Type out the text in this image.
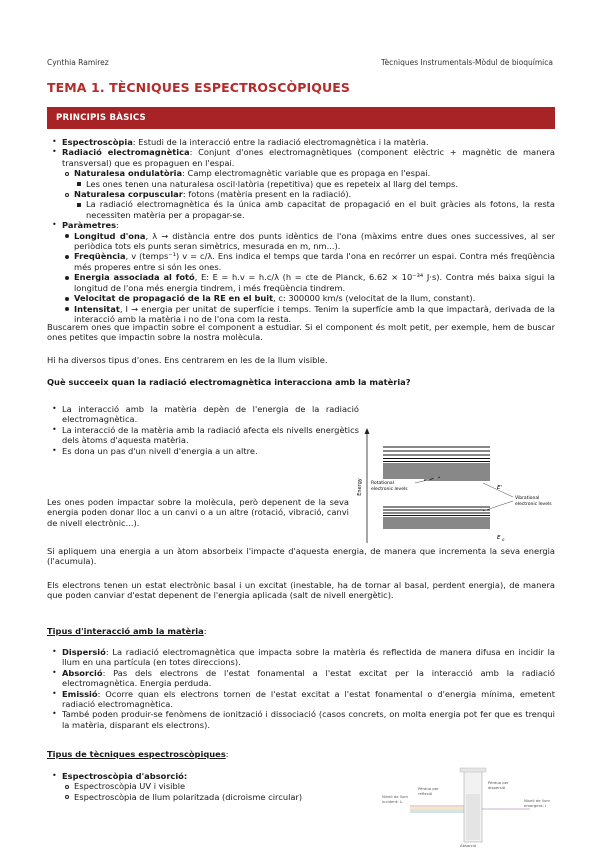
Cynthia Ramirez	Tècniques Instrumentals-Mòdul de bioquímica
TEMA 1. TÈCNIQUES ESPECTROSCÒPIQUES
PRINCIPIS BÀSICS
• Espectroscòpia: Estudi de la interacció entre la radiació electromagnètica i la matèria.
• Radiació electromagnètica: Conjunt d'ones electromagnètiques (component elèctric + magnètic de manera transversal) que es propaguen en l'espai.
Naturalesa ondulatòria: Camp electromagnètic variable que es propaga en l'espai.
Les ones tenen una naturalesa oscil·latòria (repetitiva) que es repeteix al llarg del temps.
Naturalesa corpuscular: fotons (matèria present en la radiació).
La radiació electromagnètica és la única amb capacitat de propagació en el buit gràcies als fotons, la resta necessiten matèria per a propagar-se.
• Paràmetres:
Longitud d'ona, λ → distància entre dos punts idèntics de l'ona (màxims entre dues ones successives, al ser periòdica tots els punts seran simètrics, mesurada en m, nm...).
Freqüència, v (temps⁻¹) v = c/λ. Ens indica el temps que tarda l'ona en recórrer un espai. Contra més freqüència més properes entre si són les ones.
Energia associada al fotó, E: E = h.v = h.c/λ (h = cte de Planck, 6.62 × 10⁻³⁴ J·s). Contra més baixa sigui la longitud de l'ona més energia tindrem, i més freqüència tindrem.
Velocitat de propagació de la RE en el buit, c: 300000 km/s (velocitat de la llum, constant).
Intensitat, I → energia per unitat de superfície i temps. Tenim la superfície amb la que impactarà, derivada de la interacció amb la matèria i no de l'ona com la resta.

Buscarem ones que impactin sobre el component a estudiar. Si el component és molt petit, per exemple, hem de buscar ones petites que impactin sobre la nostra molècula.

Hi ha diversos tipus d'ones. Ens centrarem en les de la llum visible.

Què succeeix quan la radiació electromagnètica interacciona amb la matèria?
• La interacció amb la matèria depèn de l'energia de la radiació electromagnètica.
• La interacció de la matèria amb la radiació afecta els nivells energètics dels àtoms d'aquesta matèria.
• Es dona un pas d'un nivell d'energia a un altre.

Les ones poden impactar sobre la molècula, però depenent de la seva energia poden donar lloc a un canvi o a un altre (rotació, vibració, canvi de nivell electrònic...).

Energy Rotational
electronic levels	E'
Vibrational
electronic levels
E 0

Si apliquem una energia a un àtom absorbeix l'impacte d'aquesta energia, de manera que incrementa la seva energia (l'acumula).

Els electrons tenen un estat electrònic basal i un excitat (inestable, ha de tornar al basal, perdent energia), de manera que poden canviar d'estat depenent de l'energia aplicada (salt de nivell energètic).

Tipus d'interacció amb la matèria:
• Dispersió: La radiació electromagnètica que impacta sobre la matèria és reflectida de manera difusa en incidir la llum en una partícula (en totes direccions).
• Absorció: Pas dels electrons de l'estat fonamental a l'estat excitat per la interacció amb la radiació electromagnètica. Energia perduda.
• Emissió: Ocorre quan els electrons tornen de l'estat excitat a l'estat fonamental o d'energia mínima, emetent radiació electromagnètica.
• També poden produir-se fenòmens de ionització i dissociació (casos concrets, on molta energia pot fer que es trenqui la matèria, disparant els electrons).
Tipus de tècniques espectroscòpiques:
• Espectroscòpia d'absorció:
Espectroscòpia UV i visible
Espectroscòpia de llum polaritzada (dicroisme circular)	Nivell de llum
incident: I₀
Pèrdua per
reflexió
Pèrdua per
dispersió
Nivell de llum
emergent: I
Absorció
